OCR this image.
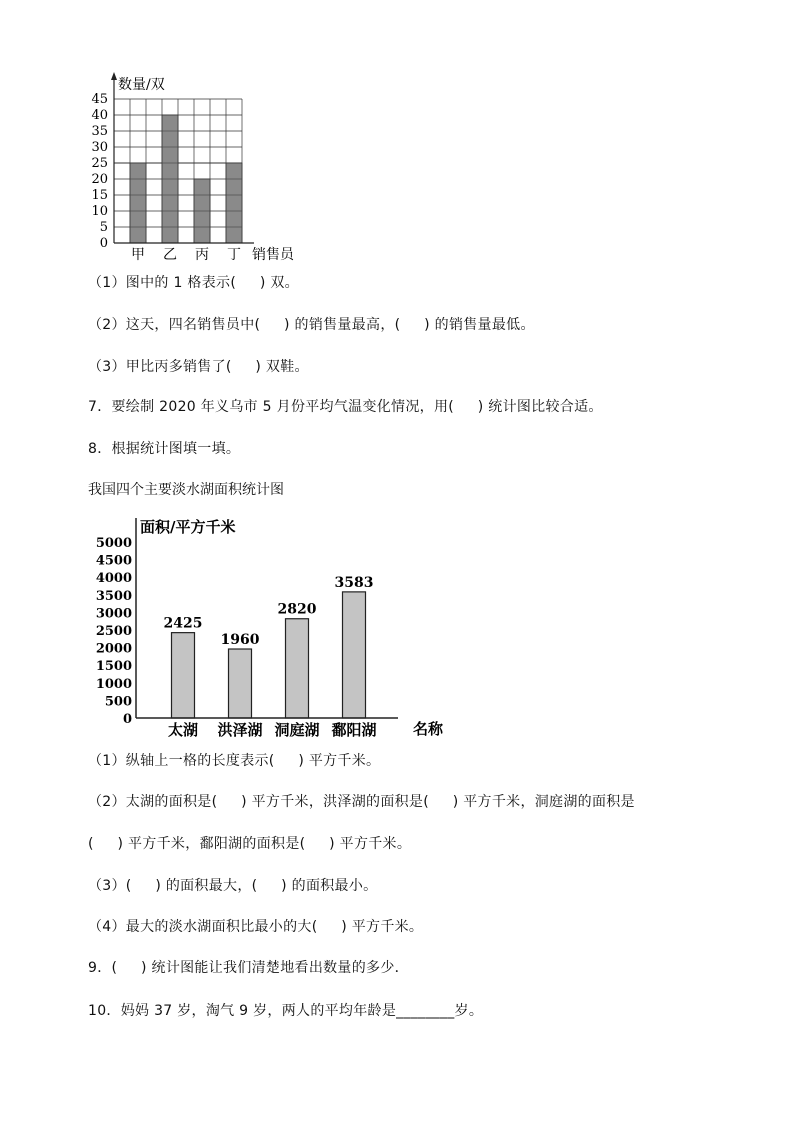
数量/双
0
5
10
15
20
25
30
35
40
45
甲 乙 丙 丁 销售员
（1）图中的 1 格表示(     ) 双。
（2）这天，四名销售员中(     ) 的销售量最高，(     ) 的销售量最低。
（3）甲比丙多销售了(     ) 双鞋。
7．要绘制 2020 年义乌市 5 月份平均气温变化情况，用(     ) 统计图比较合适。
8．根据统计图填一填。
我国四个主要淡水湖面积统计图
面积/平方千米
0
500
1000
1500
2000
2500
3000
3500
4000
4500
5000
2425
1960
2820
3583
太湖 洪泽湖 洞庭湖 鄱阳湖 名称
（1）纵轴上一格的长度表示(     ) 平方千米。
（2）太湖的面积是(     ) 平方千米，洪泽湖的面积是(     ) 平方千米，洞庭湖的面积是
(     ) 平方千米，鄱阳湖的面积是(     ) 平方千米。
（3）(     ) 的面积最大，(     ) 的面积最小。
（4）最大的淡水湖面积比最小的大(     ) 平方千米。
9．(     ) 统计图能让我们清楚地看出数量的多少．
10．妈妈 37 岁，淘气 9 岁，两人的平均年龄是________岁。
